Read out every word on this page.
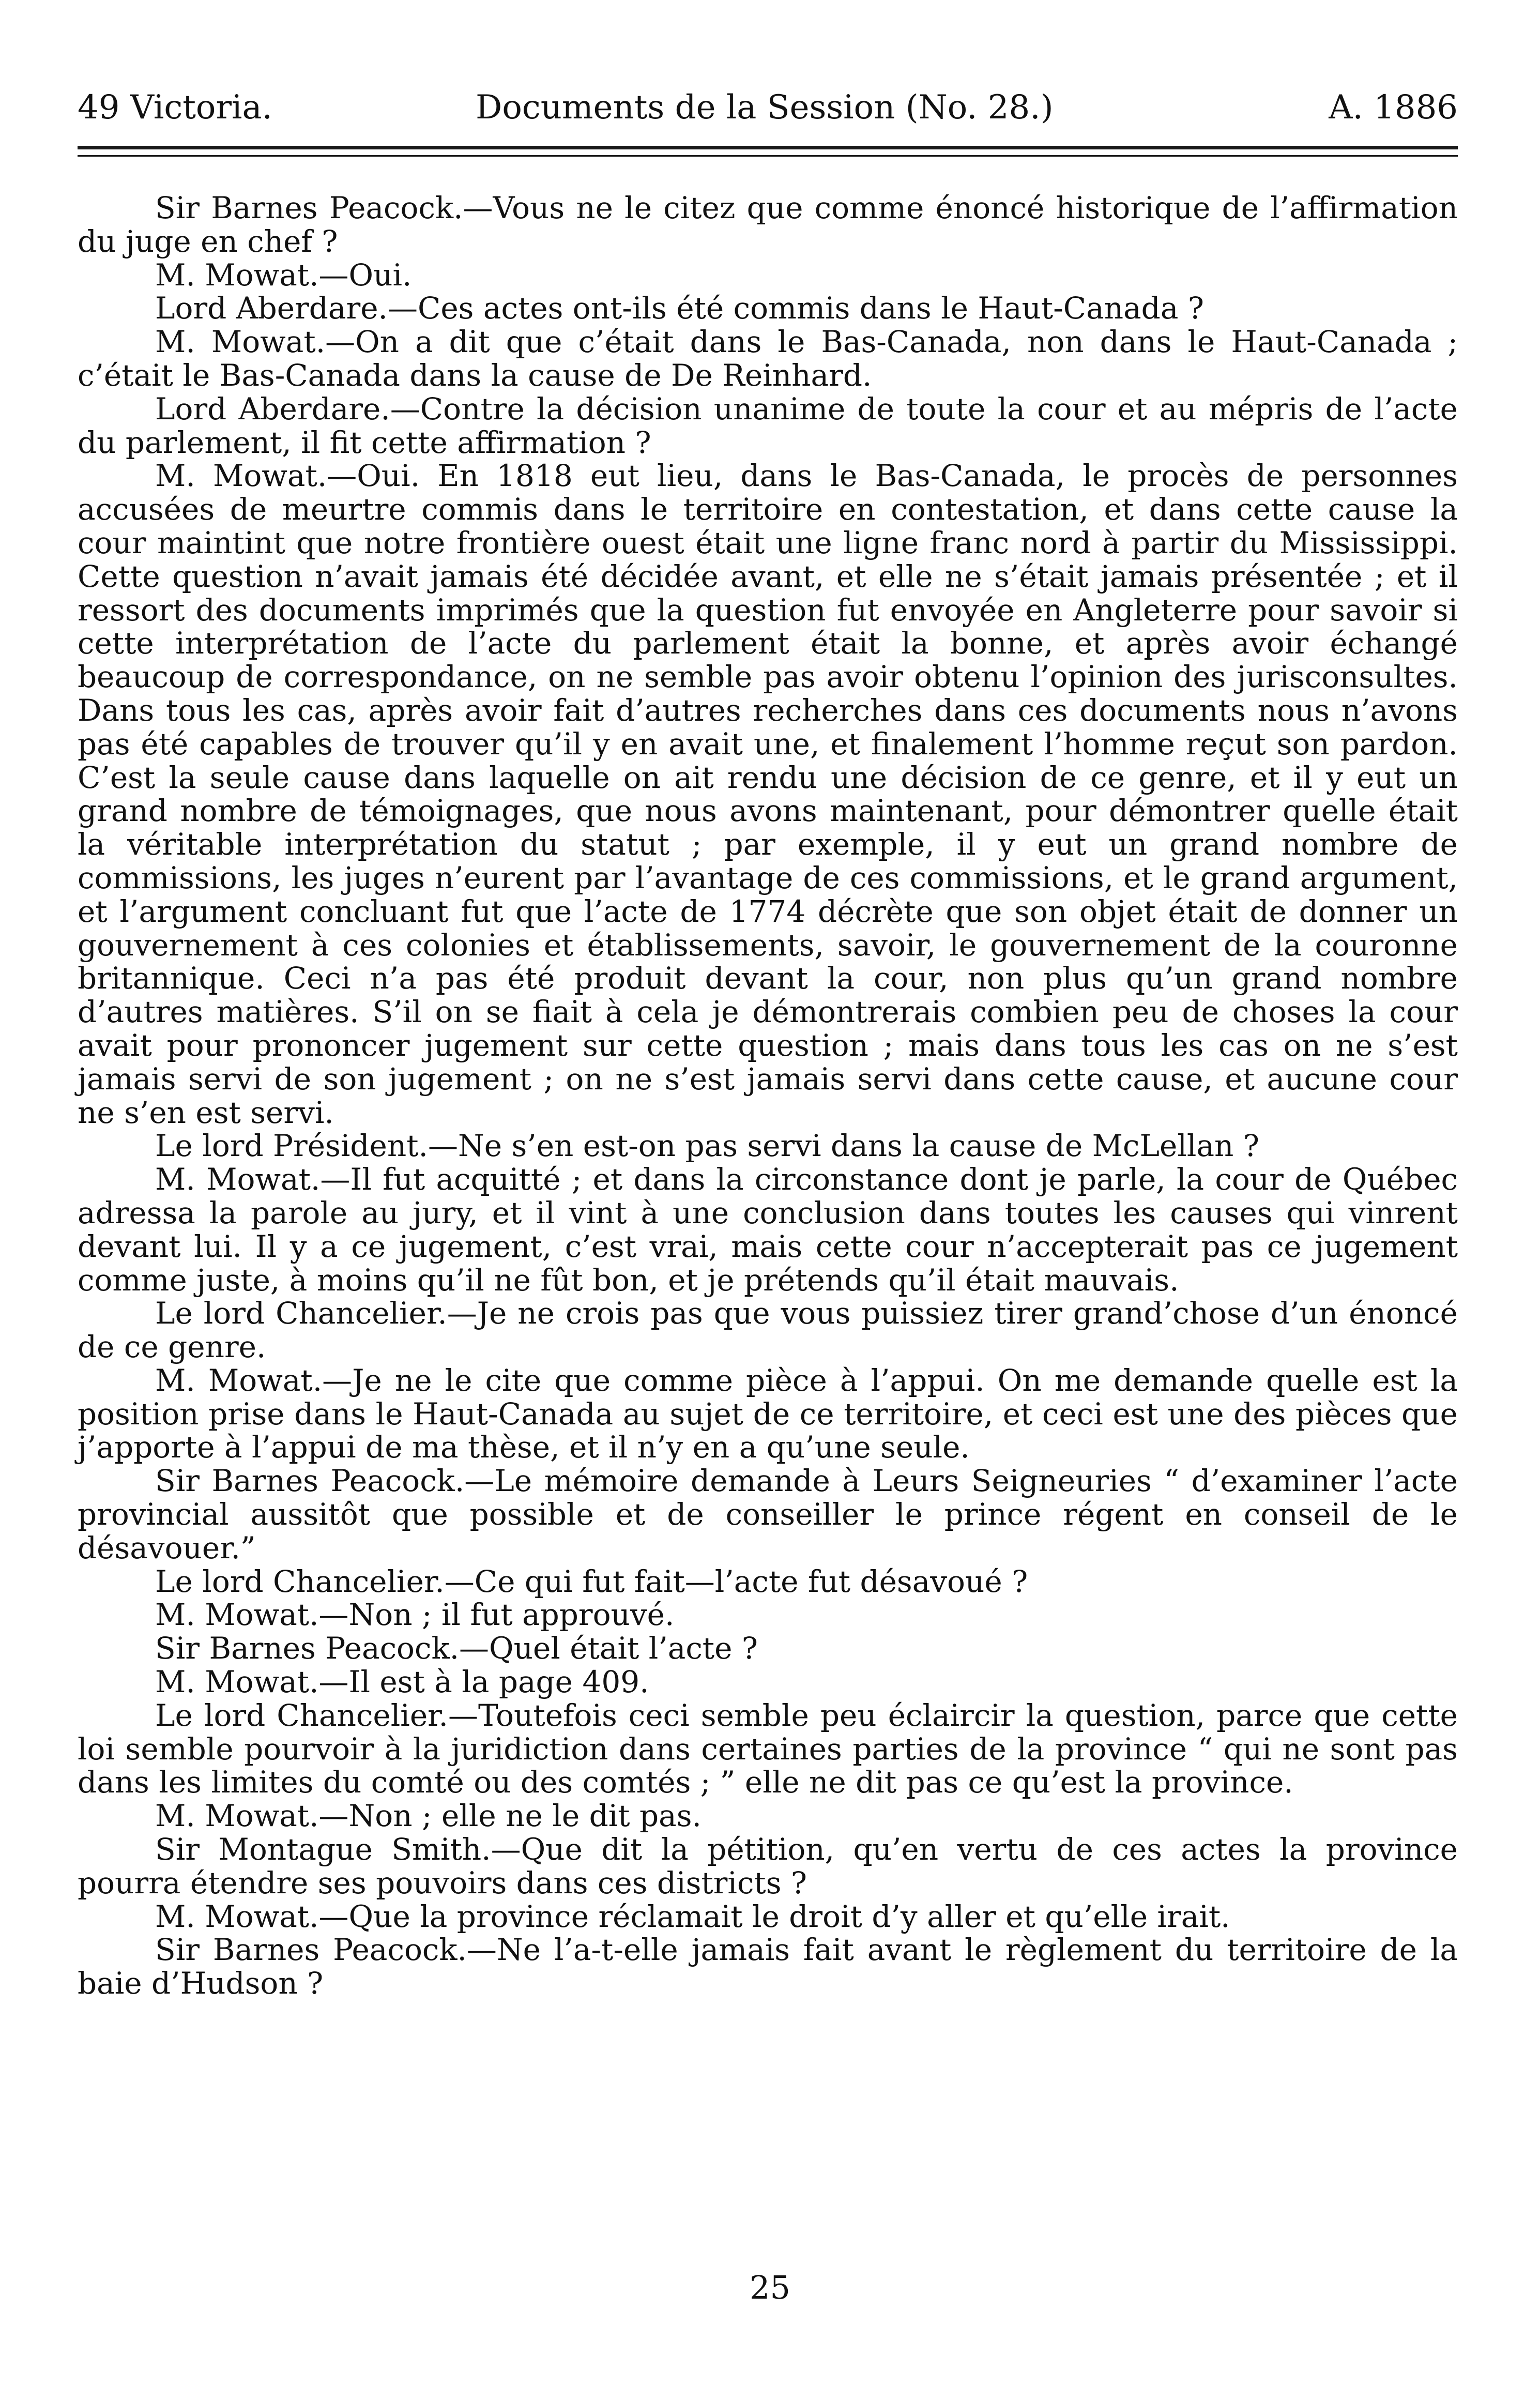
49 Victoria.	Documents de la Session (No. 28.)	A. 1886

Sir Barnes Peacock.—Vous ne le citez que comme énoncé historique de l’affirmation du juge en chef ?

M. Mowat.—Oui.

Lord Aberdare.—Ces actes ont-ils été commis dans le Haut-Canada ?

M. Mowat.—On a dit que c’était dans le Bas-Canada, non dans le Haut-Canada ; c’était le Bas-Canada dans la cause de De Reinhard.

Lord Aberdare.—Contre la décision unanime de toute la cour et au mépris de l’acte du parlement, il fit cette affirmation ?

M. Mowat.—Oui. En 1818 eut lieu, dans le Bas-Canada, le procès de personnes accusées de meurtre commis dans le territoire en contestation, et dans cette cause la cour maintint que notre frontière ouest était une ligne franc nord à partir du Mississippi. Cette question n’avait jamais été décidée avant, et elle ne s’était jamais présentée ; et il ressort des documents imprimés que la question fut envoyée en Angleterre pour savoir si cette interprétation de l’acte du parlement était la bonne, et après avoir échangé beaucoup de correspondance, on ne semble pas avoir obtenu l’opinion des jurisconsultes. Dans tous les cas, après avoir fait d’autres recherches dans ces documents nous n’avons pas été capables de trouver qu’il y en avait une, et finalement l’homme reçut son pardon. C’est la seule cause dans laquelle on ait rendu une décision de ce genre, et il y eut un grand nombre de témoignages, que nous avons maintenant, pour démontrer quelle était la véritable interprétation du statut ; par exemple, il y eut un grand nombre de commissions, les juges n’eurent par l’avantage de ces commissions, et le grand argument, et l’argument concluant fut que l’acte de 1774 décrète que son objet était de donner un gouvernement à ces colonies et établissements, savoir, le gouvernement de la couronne britannique. Ceci n’a pas été produit devant la cour, non plus qu’un grand nombre d’autres matières. S’il on se fiait à cela je démontrerais combien peu de choses la cour avait pour prononcer jugement sur cette question ; mais dans tous les cas on ne s’est jamais servi de son jugement ; on ne s’est jamais servi dans cette cause, et aucune cour ne s’en est servi.

Le lord Président.—Ne s’en est-on pas servi dans la cause de McLellan ?

M. Mowat.—Il fut acquitté ; et dans la circonstance dont je parle, la cour de Québec adressa la parole au jury, et il vint à une conclusion dans toutes les causes qui vinrent devant lui. Il y a ce jugement, c’est vrai, mais cette cour n’accepterait pas ce jugement comme juste, à moins qu’il ne fût bon, et je prétends qu’il était mauvais.

Le lord Chancelier.—Je ne crois pas que vous puissiez tirer grand’chose d’un énoncé de ce genre.

M. Mowat.—Je ne le cite que comme pièce à l’appui. On me demande quelle est la position prise dans le Haut-Canada au sujet de ce territoire, et ceci est une des pièces que j’apporte à l’appui de ma thèse, et il n’y en a qu’une seule.

Sir Barnes Peacock.—Le mémoire demande à Leurs Seigneuries “ d’examiner l’acte provincial aussitôt que possible et de conseiller le prince régent en conseil de le désavouer.”

Le lord Chancelier.—Ce qui fut fait—l’acte fut désavoué ?

M. Mowat.—Non ; il fut approuvé.

Sir Barnes Peacock.—Quel était l’acte ?

M. Mowat.—Il est à la page 409.

Le lord Chancelier.—Toutefois ceci semble peu éclaircir la question, parce que cette loi semble pourvoir à la juridiction dans certaines parties de la province “ qui ne sont pas dans les limites du comté ou des comtés ; ” elle ne dit pas ce qu’est la province.

M. Mowat.—Non ; elle ne le dit pas.

Sir Montague Smith.—Que dit la pétition, qu’en vertu de ces actes la province pourra étendre ses pouvoirs dans ces districts ?

M. Mowat.—Que la province réclamait le droit d’y aller et qu’elle irait.

Sir Barnes Peacock.—Ne l’a-t-elle jamais fait avant le règlement du territoire de la baie d’Hudson ?

25
